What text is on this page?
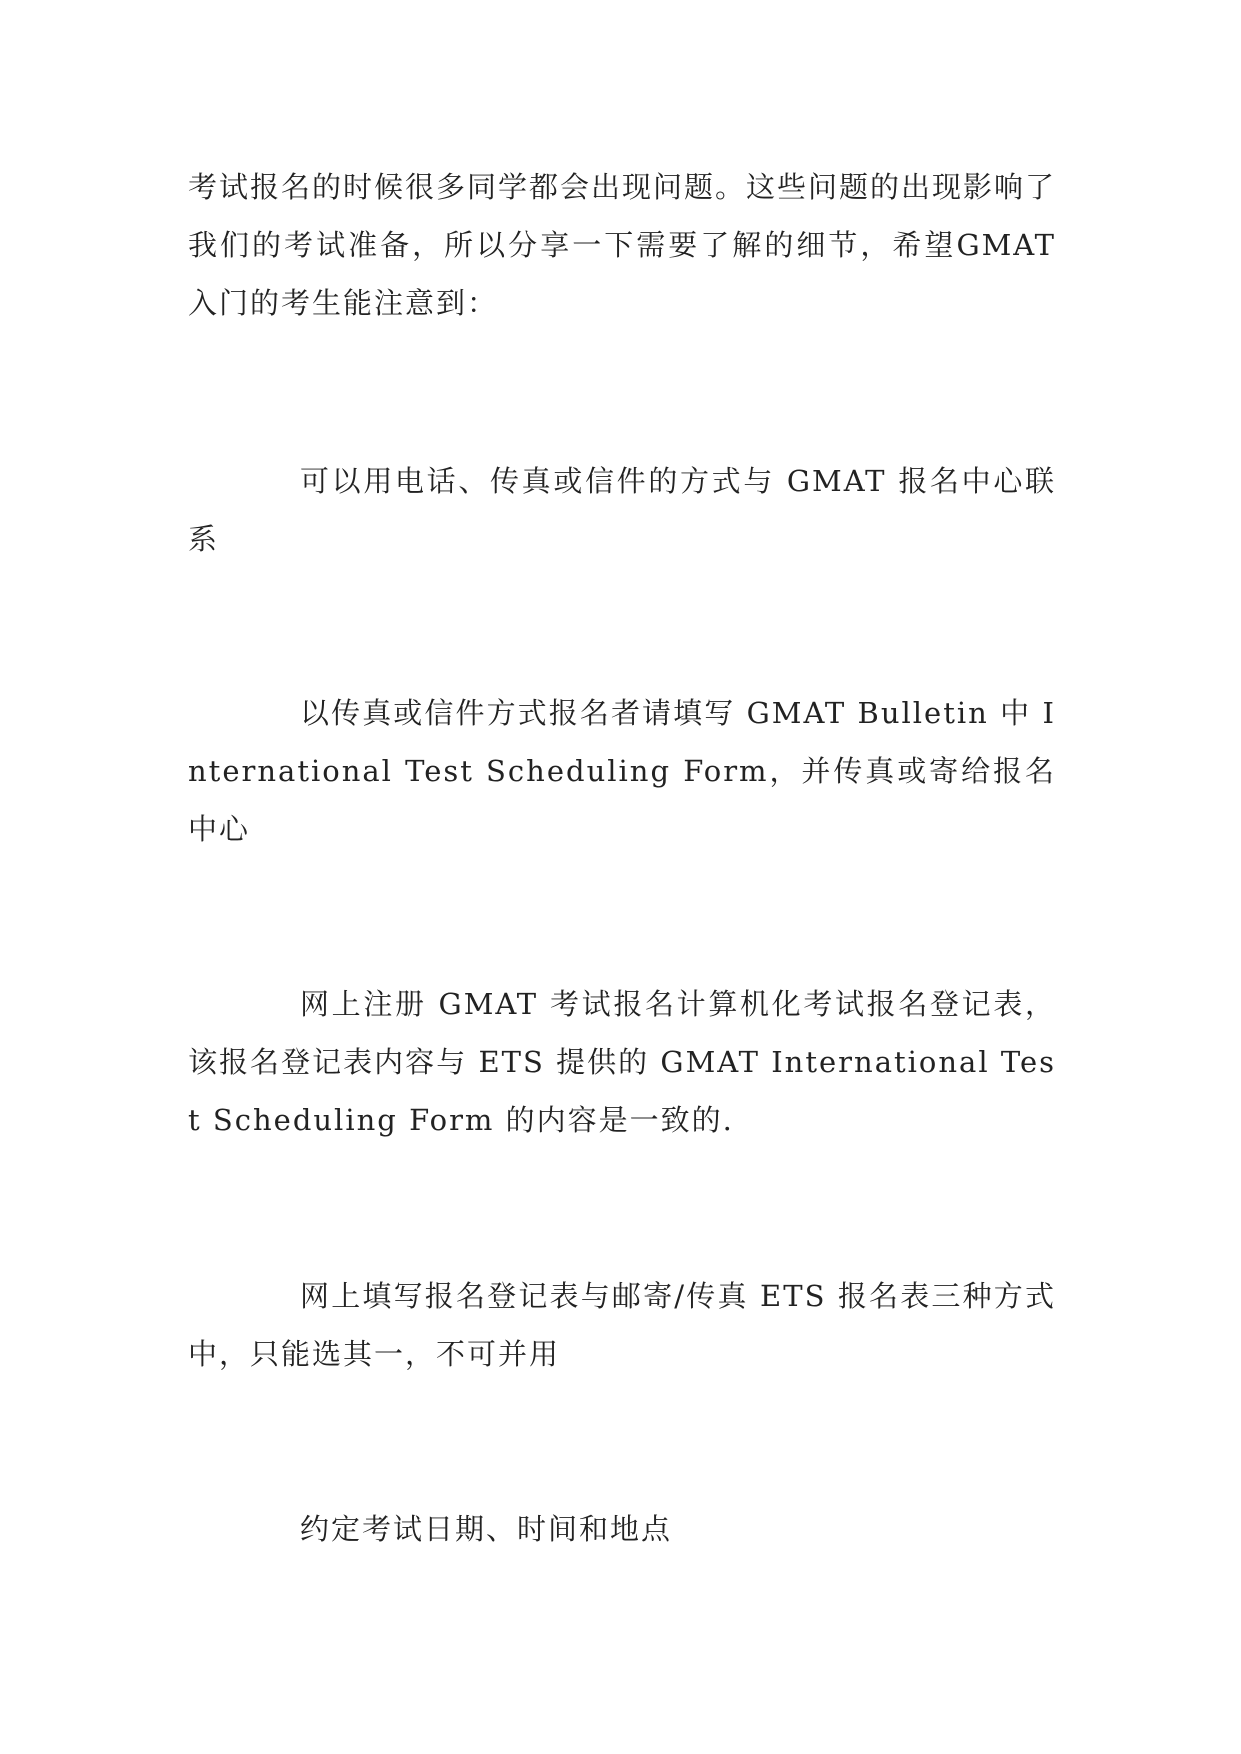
考试报名的时候很多同学都会出现问题。这些问题的出现影响了我们的考试准备，所以分享一下需要了解的细节，希望GMAT 入门的考生能注意到：

可以用电话、传真或信件的方式与 GMAT 报名中心联系

以传真或信件方式报名者请填写 GMAT Bulletin 中 International Test Scheduling Form，并传真或寄给报名中心

网上注册 GMAT 考试报名计算机化考试报名登记表，该报名登记表内容与 ETS 提供的 GMAT International Test Scheduling Form 的内容是一致的.

网上填写报名登记表与邮寄/传真 ETS 报名表三种方式中，只能选其一，不可并用

约定考试日期、时间和地点
